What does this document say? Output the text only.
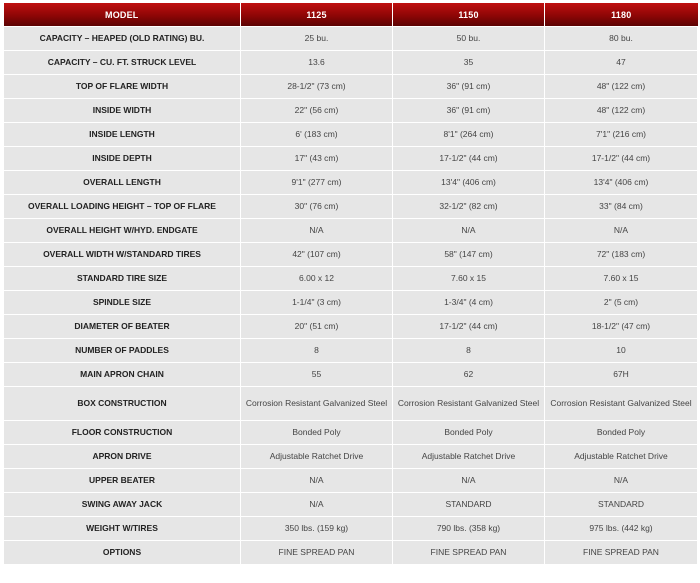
MODEL	1125	1150	1180
CAPACITY – HEAPED (OLD RATING) BU.	25 bu.	50 bu.	80 bu.
CAPACITY – CU. FT. STRUCK LEVEL	13.6	35	47
TOP OF FLARE WIDTH	28-1/2" (73 cm)	36" (91 cm)	48" (122 cm)
INSIDE WIDTH	22" (56 cm)	36" (91 cm)	48" (122 cm)
INSIDE LENGTH	6' (183 cm)	8'1" (264 cm)	7'1" (216 cm)
INSIDE DEPTH	17" (43 cm)	17-1/2" (44 cm)	17-1/2" (44 cm)
OVERALL LENGTH	9'1" (277 cm)	13'4" (406 cm)	13'4" (406 cm)
OVERALL LOADING HEIGHT – TOP OF FLARE	30" (76 cm)	32-1/2" (82 cm)	33" (84 cm)
OVERALL HEIGHT W/HYD. ENDGATE	N/A	N/A	N/A
OVERALL WIDTH W/STANDARD TIRES	42" (107 cm)	58" (147 cm)	72" (183 cm)
STANDARD TIRE SIZE	6.00 x 12	7.60 x 15	7.60 x 15
SPINDLE SIZE	1-1/4" (3 cm)	1-3/4" (4 cm)	2" (5 cm)
DIAMETER OF BEATER	20" (51 cm)	17-1/2" (44 cm)	18-1/2" (47 cm)
NUMBER OF PADDLES	8	8	10
MAIN APRON CHAIN	55	62	67H
BOX CONSTRUCTION	Corrosion Resistant Galvanized Steel	Corrosion Resistant Galvanized Steel	Corrosion Resistant Galvanized Steel
FLOOR CONSTRUCTION	Bonded Poly	Bonded Poly	Bonded Poly
APRON DRIVE	Adjustable Ratchet Drive	Adjustable Ratchet Drive	Adjustable Ratchet Drive
UPPER BEATER	N/A	N/A	N/A
SWING AWAY JACK	N/A	STANDARD	STANDARD
WEIGHT W/TIRES	350 lbs. (159 kg)	790 lbs. (358 kg)	975 lbs. (442 kg)
OPTIONS	FINE SPREAD PAN	FINE SPREAD PAN	FINE SPREAD PAN
